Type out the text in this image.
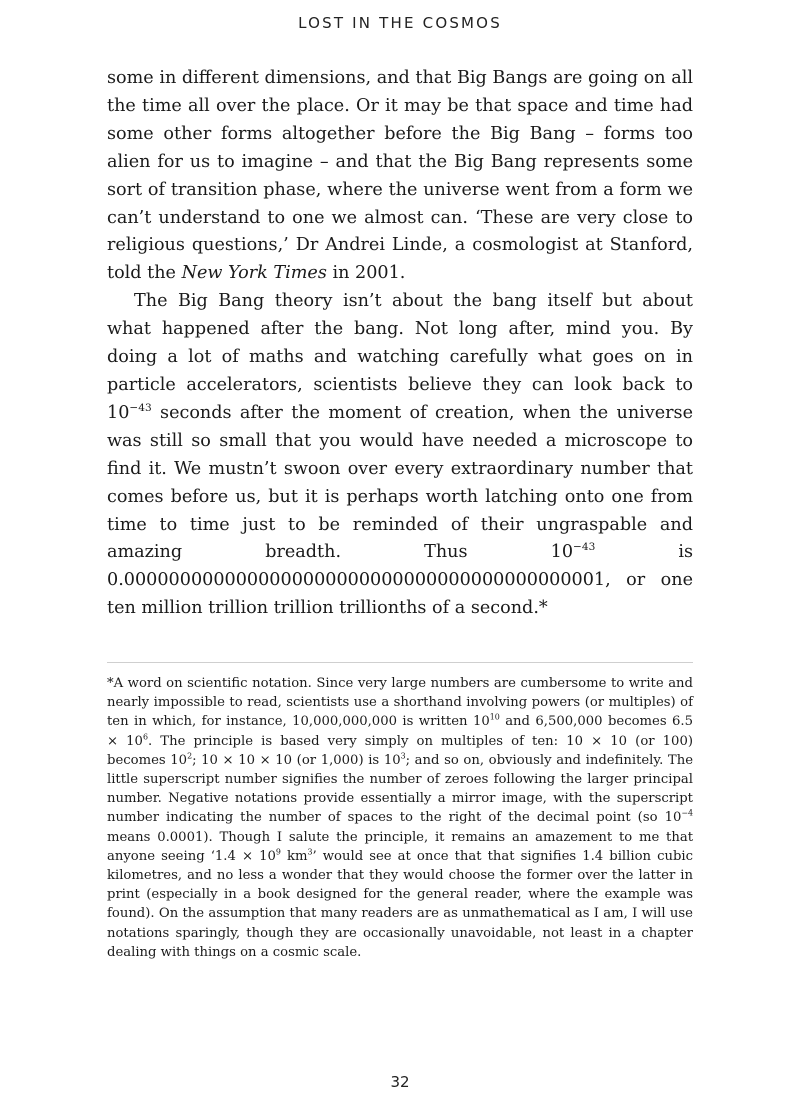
LOST IN THE COSMOS

some in different dimensions, and that Big Bangs are going on all the time all over the place. Or it may be that space and time had some other forms altogether before the Big Bang – forms too alien for us to imagine – and that the Big Bang represents some sort of transition phase, where the universe went from a form we can’t understand to one we almost can. ‘These are very close to religious questions,’ Dr Andrei Linde, a cosmologist at Stanford, told the New York Times in 2001.

The Big Bang theory isn’t about the bang itself but about what happened after the bang. Not long after, mind you. By doing a lot of maths and watching carefully what goes on in particle accelerators, scientists believe they can look back to $10^{-43}$ seconds after the moment of creation, when the universe was still so small that you would have needed a microscope to find it. We mustn’t swoon over every extraordinary number that comes before us, but it is perhaps worth latching onto one from time to time just to be reminded of their ungraspable and amazing breadth. Thus $10^{-43}$ is 0.0000000000000000000000000000000000000000001, or one ten million trillion trillion trillionths of a second.*

*A word on scientific notation. Since very large numbers are cumbersome to write and nearly impossible to read, scientists use a shorthand involving powers (or multiples) of ten in which, for instance, 10,000,000,000 is written $10^{10}$ and 6,500,000 becomes $6.5 \times 10^6$. The principle is based very simply on multiples of ten: 10 × 10 (or 100) becomes $10^2$; 10 × 10 × 10 (or 1,000) is $10^3$; and so on, obviously and indefinitely. The little superscript number signifies the number of zeroes following the larger principal number. Negative notations provide essentially a mirror image, with the superscript number indicating the number of spaces to the right of the decimal point (so $10^{-4}$ means 0.0001). Though I salute the principle, it remains an amazement to me that anyone seeing ‘$1.4 \times 10^9$ $km^3$’ would see at once that that signifies 1.4 billion cubic kilometres, and no less a wonder that they would choose the former over the latter in print (especially in a book designed for the general reader, where the example was found). On the assumption that many readers are as unmathematical as I am, I will use notations sparingly, though they are occasionally unavoidable, not least in a chapter dealing with things on a cosmic scale.

32
